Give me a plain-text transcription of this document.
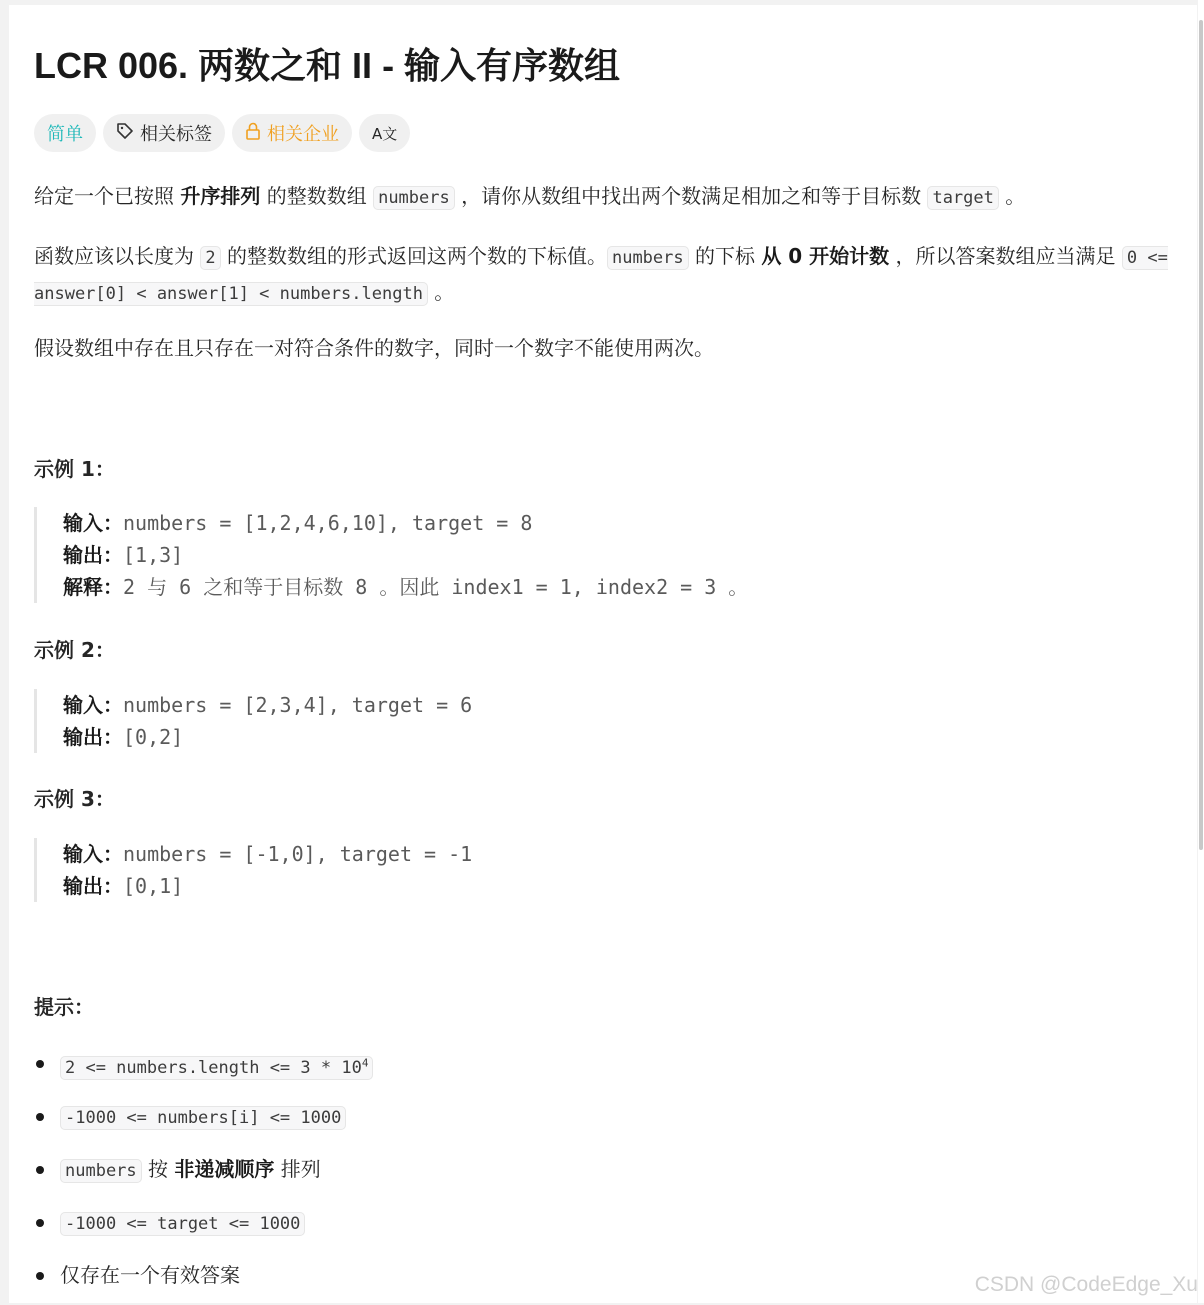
LCR 006. 两数之和 II - 输入有序数组
简单	相关标签	相关企业 A文

给定一个已按照 升序排列 的整数数组 numbers ，请你从数组中找出两个数满足相加之和等于目标数 target 。

函数应该以长度为 2 的整数数组的形式返回这两个数的下标值。 numbers 的下标 从 0 开始计数 ，所以答案数组应当满足 0 <= answer[0] < answer[1] < numbers.length 。

假设数组中存在且只存在一对符合条件的数字，同时一个数字不能使用两次。

示例 1：
输入：numbers = [1,2,4,6,10], target = 8
输出：[1,3]
解释：2 与 6 之和等于目标数 8 。因此 index1 = 1, index2 = 3 。
示例 2：
输入：numbers = [2,3,4], target = 6
输出：[0,2]
示例 3：
输入：numbers = [-1,0], target = -1
输出：[0,1]
提示：
2 <= numbers.length <= $3 * 10^4$
-1000 <= numbers[i] <= 1000
numbers 按 非递减顺序 排列
-1000 <= target <= 1000
仅存在一个有效答案	CSDN @CodeEdge_Xu
